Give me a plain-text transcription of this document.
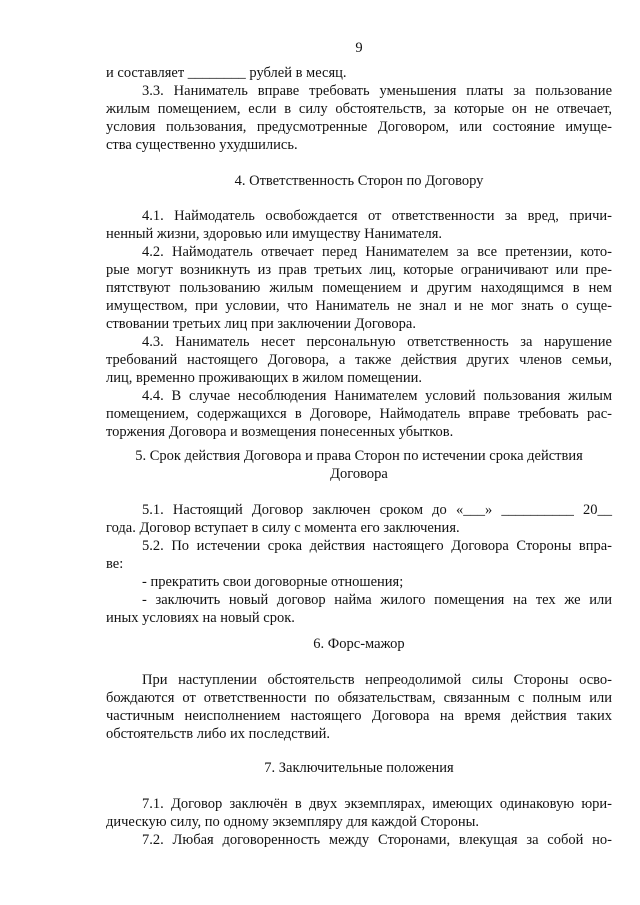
9
и составляет ________ рублей в месяц.
3.3. Наниматель вправе требовать уменьшения платы за пользование
жилым помещением, если в силу обстоятельств, за которые он не отвечает,
условия пользования, предусмотренные Договором, или состояние имуще-
ства существенно ухудшились.
4. Ответственность Сторон по Договору
4.1. Наймодатель освобождается от ответственности за вред, причи-
ненный жизни, здоровью или имуществу Нанимателя.
4.2. Наймодатель отвечает перед Нанимателем за все претензии, кото-
рые могут возникнуть из прав третьих лиц, которые ограничивают или пре-
пятствуют пользованию жилым помещением и другим находящимся в нем
имуществом, при условии, что Наниматель не знал и не мог знать о суще-
ствовании третьих лиц при заключении Договора.
4.3. Наниматель несет персональную ответственность за нарушение
требований настоящего Договора, а также действия других членов семьи,
лиц, временно проживающих в жилом помещении.
4.4. В случае несоблюдения Нанимателем условий пользования жилым
помещением, содержащихся в Договоре, Наймодатель вправе требовать рас-
торжения Договора и возмещения понесенных убытков.
5. Срок действия Договора и права Сторон по истечении срока действия
Договора
5.1. Настоящий Договор заключен сроком до «___» __________ 20__
года. Договор вступает в силу с момента его заключения.
5.2. По истечении срока действия настоящего Договора Стороны впра-
ве:
- прекратить свои договорные отношения;
- заключить новый договор найма жилого помещения на тех же или
иных условиях на новый срок.
6. Форс-мажор
При наступлении обстоятельств непреодолимой силы Стороны осво-
бождаются от ответственности по обязательствам, связанным с полным или
частичным неисполнением настоящего Договора на время действия таких
обстоятельств либо их последствий.
7. Заключительные положения
7.1. Договор заключён в двух экземплярах, имеющих одинаковую юри-
дическую силу, по одному экземпляру для каждой Стороны.
7.2. Любая договоренность между Сторонами, влекущая за собой но-
